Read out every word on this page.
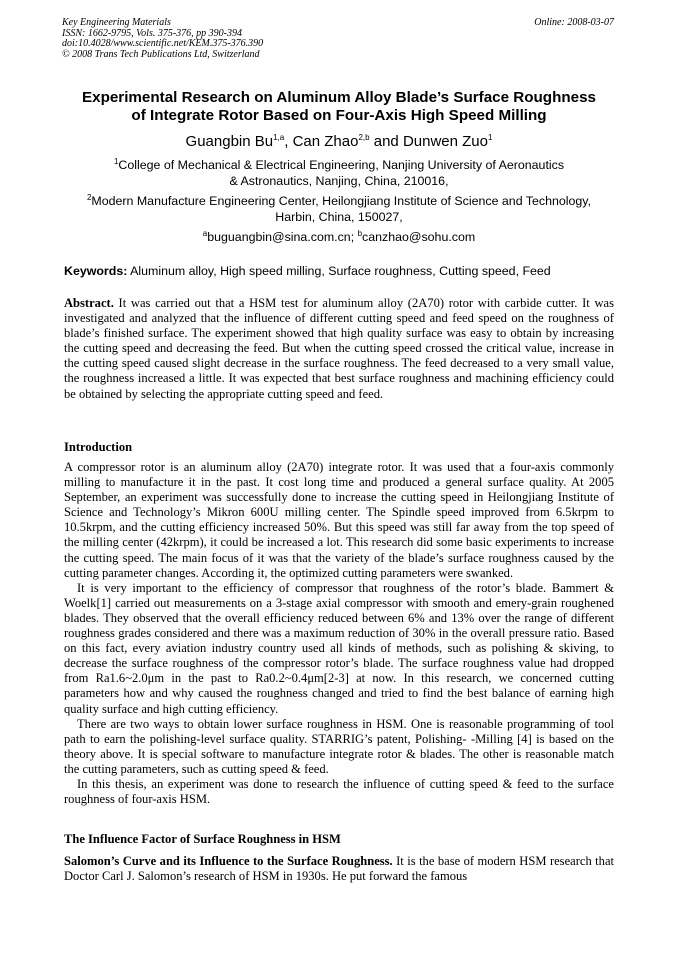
Key Engineering Materials
ISSN: 1662-9795, Vols. 375-376, pp 390-394
doi:10.4028/www.scientific.net/KEM.375-376.390
© 2008 Trans Tech Publications Ltd, Switzerland
Online: 2008-03-07
Experimental Research on Aluminum Alloy Blade’s Surface Roughness
of Integrate Rotor Based on Four-Axis High Speed Milling
Guangbin Bu$^{1,a}$, Can Zhao$^{2,b}$ and Dunwen Zuo$^1$
$^1$College of Mechanical & Electrical Engineering, Nanjing University of Aeronautics
& Astronautics, Nanjing, China, 210016,
$^2$Modern Manufacture Engineering Center, Heilongjiang Institute of Science and Technology,
Harbin, China, 150027,
$^a$buguangbin@sina.com.cn; $^b$canzhao@sohu.com
Keywords: Aluminum alloy, High speed milling, Surface roughness, Cutting speed, Feed

Abstract. It was carried out that a HSM test for aluminum alloy (2A70) rotor with carbide cutter. It was investigated and analyzed that the influence of different cutting speed and feed speed on the roughness of blade’s finished surface. The experiment showed that high quality surface was easy to obtain by increasing the cutting speed and decreasing the feed. But when the cutting speed crossed the critical value, increase in the cutting speed caused slight decrease in the surface roughness. The feed decreased to a very small value, the roughness increased a little. It was expected that best surface roughness and machining efficiency could be obtained by selecting the appropriate cutting speed and feed.

Introduction

A compressor rotor is an aluminum alloy (2A70) integrate rotor. It was used that a four-axis commonly milling to manufacture it in the past. It cost long time and produced a general surface quality. At 2005 September, an experiment was successfully done to increase the cutting speed in Heilongjiang Institute of Science and Technology’s Mikron 600U milling center. The Spindle speed improved from 6.5krpm to 10.5krpm, and the cutting efficiency increased 50%. But this speed was still far away from the top speed of the milling center (42krpm), it could be increased a lot. This research did some basic experiments to increase the cutting speed. The main focus of it was that the variety of the blade’s surface roughness caused by the cutting parameter changes. According it, the optimized cutting parameters were swanked.

It is very important to the efficiency of compressor that roughness of the rotor’s blade. Bammert & Woelk[1] carried out measurements on a 3-stage axial compressor with smooth and emery-grain roughened blades. They observed that the overall efficiency reduced between 6% and 13% over the range of different roughness grades considered and there was a maximum reduction of 30% in the overall pressure ratio. Based on this fact, every aviation industry country used all kinds of methods, such as polishing & skiving, to decrease the surface roughness of the compressor rotor’s blade. The surface roughness value had dropped from Ra1.6~2.0μm in the past to Ra0.2~0.4μm[2-3] at now. In this research, we concerned cutting parameters how and why caused the roughness changed and tried to find the best balance of earning high quality surface and high cutting efficiency.

There are two ways to obtain lower surface roughness in HSM. One is reasonable programming of tool path to earn the polishing-level surface quality. STARRIG’s patent, Polishing- -Milling [4] is based on the theory above. It is special software to manufacture integrate rotor & blades. The other is reasonable match the cutting parameters, such as cutting speed & feed.

In this thesis, an experiment was done to research the influence of cutting speed & feed to the surface roughness of four-axis HSM.

The Influence Factor of Surface Roughness in HSM

Salomon’s Curve and its Influence to the Surface Roughness. It is the base of modern HSM research that Doctor Carl J. Salomon’s research of HSM in 1930s. He put forward the famous
